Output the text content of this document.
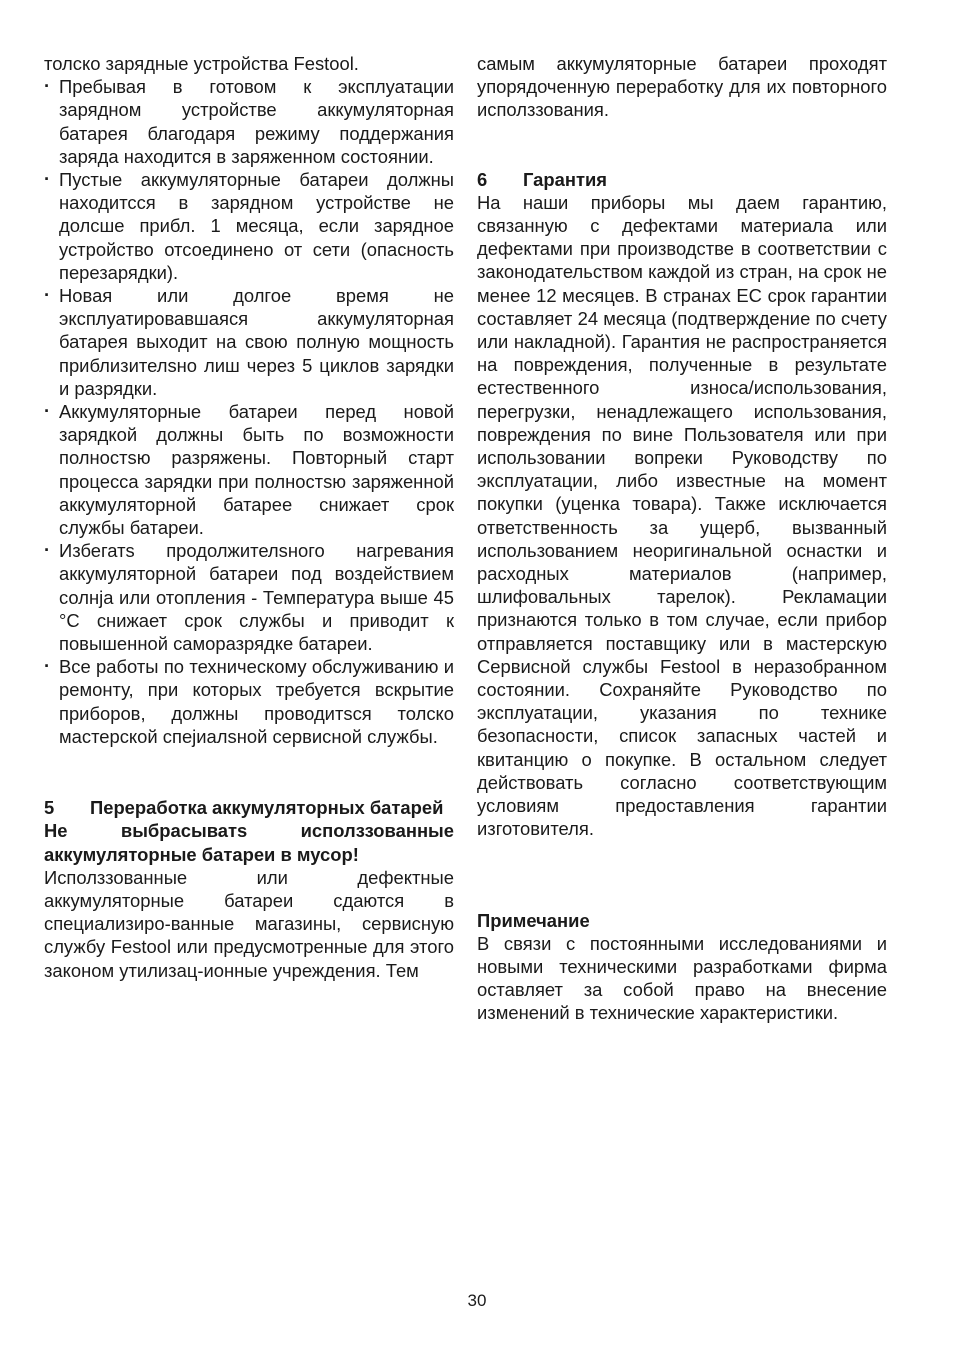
толско зарядные устройства Festool.

· Пребывая в готовом к эксплуатации зарядном устройстве аккумуляторная батарея благодаря режиму поддержания заряда находится в заряженном состоянии.
· Пустые аккумуляторные батареи должны находитсcя в зарядном устройстве не долсше прибл. 1 месяца, если зарядное устройство отсоединено от сети (опасность перезарядки).
· Новая или долгое время не эксплуатировавшаяся аккумуляторная батарея выходит на свою полную мощность приблизителsно лиш через 5 циклов зарядки и разрядки.
· Аккумуляторные батареи перед новой зарядкой должны быть по возможности полностsю разряжены. Повторный старт процесса зарядки при полностsю заряженной аккумуляторной батарее снижает срок службы батареи.
· Избегатs продолжителsного нагревания аккумуляторной батареи под воздействием солнjа или отопления - Температура выше 45 °C снижает срок службы и приводит к повышенной саморазрядке батареи.
· Все работы по техническому обслуживанию и ремонту, при которых требуется вскрытие приборов, должны проводитsся толско мастерской спеjиалsной сервисной службы.
5	Переработка аккумуляторных батарей

Не выбрасыватs исполззованные аккумуляторные батареи в мусор!

Исполззованные или дефектные аккумуляторные батареи сдаются в специализиро-ванные магазины, сервисную службу Festool или предусмотренные для этого законом утилизац-ионные учреждения. Тем

самым аккумуляторные батареи проходят упорядоченную переработку для их повторного исполззования.

6	Гарантия

На наши приборы мы даем гарантию, связанную с дефектами материала или дефектами при производстве в соответствии с законодательством каждой из стран, на срок не менее 12 месяцев. В странах ЕС срок гарантии составляет 24 месяца (подтверждение по счету или накладной). Гарантия не распространяется на повреждения, полученные в результате естественного износа/использования, перегрузки, ненадлежащего использования, повреждения по вине Пользователя или при использовании вопреки Руководству по эксплуатации, либо известные на момент покупки (уценка товара). Также исключается ответственность за ущерб, вызванный использованием неоригинальной оснастки и расходных материалов (например, шлифовальных тарелок). Рекламации признаются только в том случае, если прибор отправляется поставщику или в мастерскую Сервисной службы Festool в неразобранном состоянии. Сохраняйте Руководство по эксплуатации, указания по технике безопасности, список запасных частей и квитанцию о покупке. В остальном следует действовать согласно соответствующим условиям предоставления гарантии изготовителя.

Примечание

В связи с постоянными исследованиями и новыми техническими разработками фирма оставляет за собой право на внесение изменений в технические характеристики.

30
